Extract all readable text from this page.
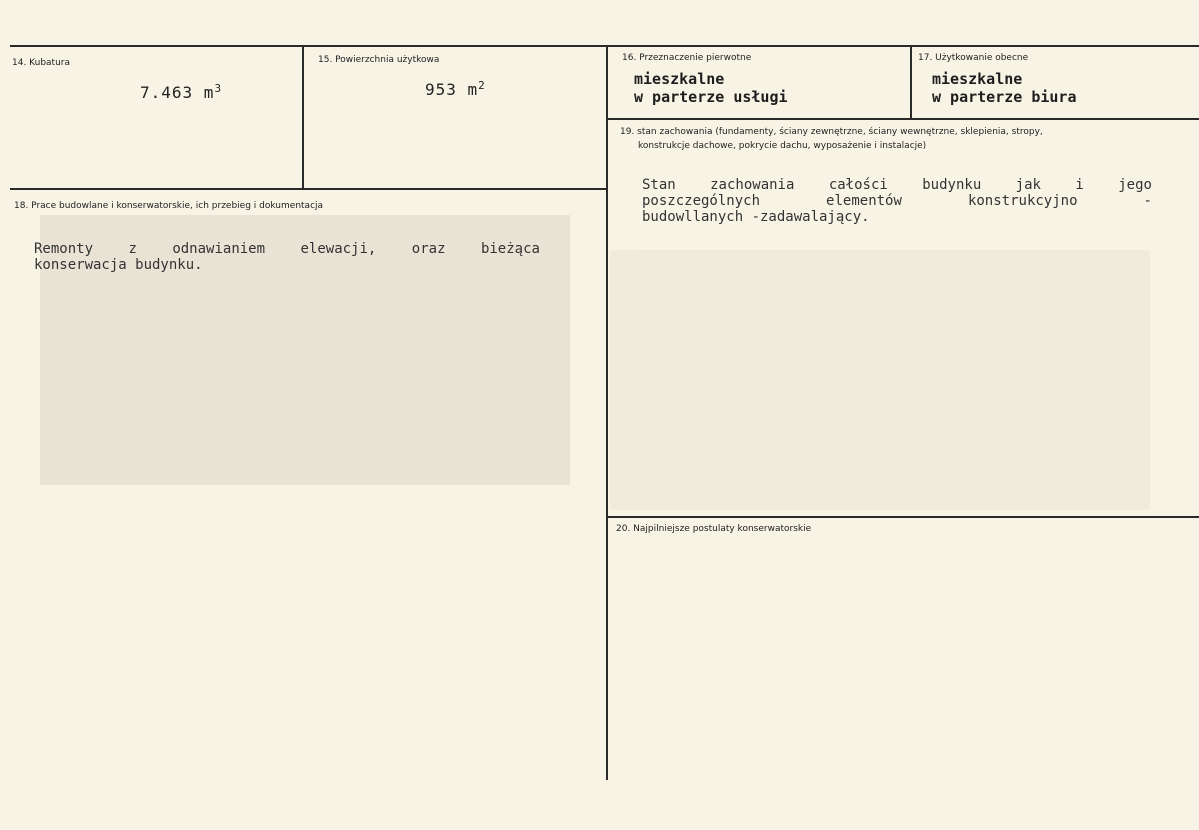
14. Kubatura
7.463 $m^3$
15. Powierzchnia użytkowa
953 $m^2$
16. Przeznaczenie pierwotne
mieszkalne
w parterze usługi
17. Użytkowanie obecne
mieszkalne
w parterze biura
18. Prace budowlane i konserwatorskie, ich przebieg i dokumentacja
Remonty	z	odnawianiem	elewacji,	oraz	bieżąca
konserwacja budynku.
19. stan zachowania (fundamenty, ściany zewnętrzne, ściany wewnętrzne, sklepienia, stropy,
konstrukcje dachowe, pokrycie dachu, wyposażenie i instalacje)
Stan zachowania całości budynku jak i jego
poszczególnych	elementów	konstrukcyjno	-
budowllanych -zadawalający.
20. Najpilniejsze postulaty konserwatorskie
